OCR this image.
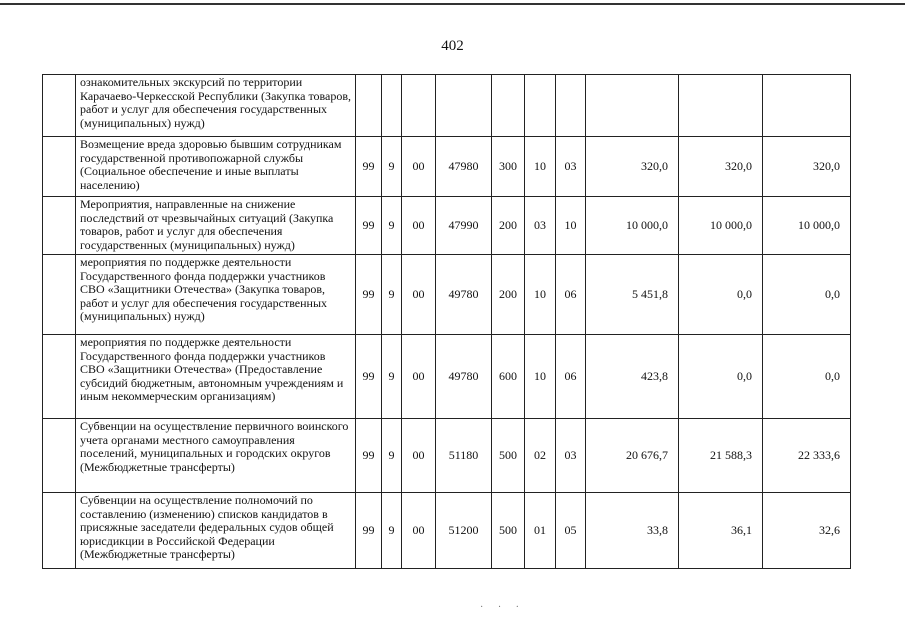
402
	ознакомительных экскурсий по территории Карачаево-Черкесской Республики (Закупка товаров, работ и услуг для обеспечения государственных (муниципальных) нужд)										
	Возмещение вреда здоровью бывшим сотрудникам государственной противопожарной службы (Социальное обеспечение и иные выплаты населению)	99	9	00	47980	300	10	03	320,0	320,0	320,0
	Мероприятия, направленные на снижение последствий от чрезвычайных ситуаций (Закупка товаров, работ и услуг для обеспечения государственных (муниципальных) нужд)	99	9	00	47990	200	03	10	10 000,0	10 000,0	10 000,0
	мероприятия по поддержке деятельности Государственного фонда поддержки участников СВО «Защитники Отечества» (Закупка товаров, работ и услуг для обеспечения государственных (муниципальных) нужд)	99	9	00	49780	200	10	06	5 451,8	0,0	0,0
	мероприятия по поддержке деятельности Государственного фонда поддержки участников СВО «Защитники Отечества» (Предоставление субсидий бюджетным, автономным учреждениям и иным некоммерческим организациям)	99	9	00	49780	600	10	06	423,8	0,0	0,0
	Субвенции на осуществление первичного воинского учета органами местного самоуправления поселений, муниципальных и городских округов (Межбюджетные трансферты)	99	9	00	51180	500	02	03	20 676,7	21 588,3	22 333,6
	Субвенции на осуществление полномочий по составлению (изменению) списков кандидатов в присяжные заседатели федеральных судов общей юрисдикции в Российской Федерации (Межбюджетные трансферты)	99	9	00	51200	500	01	05	33,8	36,1	32,6
· · ·
